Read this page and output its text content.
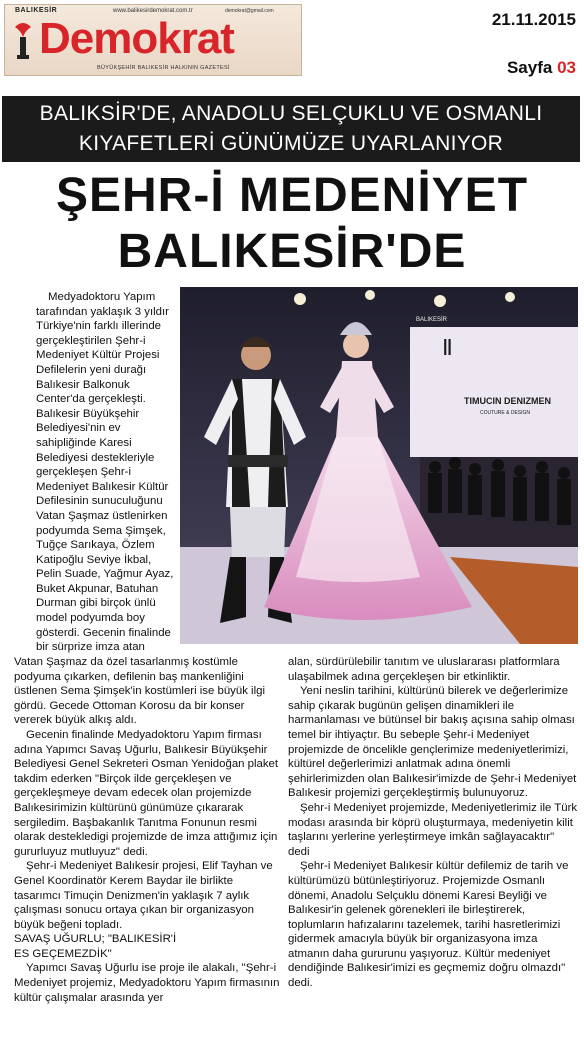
BALIKESİR	www.balikesirdemokrat.com.tr	demokrat@gmail.com
Demokrat
BÜYÜKŞEHİR BALIKESİR HALKININ GAZETESİ
21.11.2015
Sayfa 03
BALIKSİR'DE, ANADOLU SELÇUKLU VE OSMANLI
KIYAFETLERİ GÜNÜMÜZE UYARLANIYOR
ŞEHR-İ MEDENİYET
BALIKESİR'DE
Ⅱ
TIMUCIN DENIZMEN
COUTURE & DESIGN
BALIKESİR

Medyadoktoru Yapım tarafından yaklaşık 3 yıldır Türkiye'nin farklı illerinde gerçekleştirilen Şehr-i Medeniyet Kültür Projesi Defilelerin yeni durağı Balıkesir Balkonuk Center'da gerçekleşti. Balıkesir Büyükşehir Belediyesi'nin ev sahipliğinde Karesi Belediyesi destekleriyle gerçekleşen Şehr-i Medeniyet Balıkesir Kültür Defilesinin sunuculuğunu Vatan Şaşmaz üstlenirken podyumda Sema Şimşek, Tuğçe Sarıkaya, Özlem Katipoğlu Seviye İkbal, Pelin Suade, Yağmur Ayaz, Buket Akpunar, Batuhan Durman gibi birçok ünlü model podyumda boy gösterdi. Gecenin finalinde bir sürprize imza atan

Vatan Şaşmaz da özel tasarlanmış kostümle podyuma çıkarken, defilenin baş mankenliğini üstlenen Sema Şimşek'in kostümleri ise büyük ilgi gördü. Gecede Ottoman Korosu da bir konser vererek büyük alkış aldı.

Gecenin finalinde Medyadoktoru Yapım firması adına Yapımcı Savaş Uğurlu, Balıkesir Büyükşehir Belediyesi Genel Sekreteri Osman Yenidoğan plaket takdim ederken "Birçok ilde gerçekleşen ve gerçekleşmeye devam edecek olan projemizde Balıkesirimizin kültürünü günümüze çıkararak sergiledim. Başbakanlık Tanıtma Fonunun resmi olarak destekledigi projemizde de imza attığımız için gururluyuz mutluyuz" dedi.

Şehr-i Medeniyet Balıkesir projesi, Elif Tayhan ve Genel Koordinatör Kerem Baydar ile birlikte tasarımcı Timuçin Denizmen'in yaklaşık 7 aylık çalışması sonucu ortaya çıkan bir organizasyon büyük beğeni topladı.

SAVAŞ UĞURLU; "BALIKESİR'İ
ES GEÇEMEZDİK"

Yapımcı Savaş Uğurlu ise proje ile alakalı, "Şehr-i Medeniyet projemiz, Medyadoktoru Yapım firmasının kültür çalışmalar arasında yer

alan, sürdürülebilir tanıtım ve uluslararası platformlara ulaşabilmek adına gerçekleşen bir etkinliktir.

Yeni neslin tarihini, kültürünü bilerek ve değerlerimize sahip çıkarak bugünün gelişen dinamikleri ile harmanlaması ve bütünsel bir bakış açısına sahip olması temel bir ihtiyaçtır. Bu sebeple Şehr-i Medeniyet projemizde de öncelikle gençlerimize medeniyetlerimizi, kültürel değerlerimizi anlatmak adına önemli şehirlerimizden olan Balıkesir'imizde de Şehr-i Medeniyet Balıkesir projemizi gerçekleştirmiş bulunuyoruz.

Şehr-i Medeniyet projemizde, Medeniyetlerimiz ile Türk modası arasında bir köprü oluşturmaya, medeniyetin kilit taşlarını yerlerine yerleştirmeye imkân sağlayacaktır" dedi

Şehr-i Medeniyet Balıkesir kültür defilemiz de tarih ve kültürümüzü bütünleştiriyoruz. Projemizde Osmanlı dönemi, Anadolu Selçuklu dönemi Karesi Beyliği ve Balıkesir'in gelenek görenekleri ile birleştirerek, toplumların hafızalarını tazelemek, tarihi hasretlerimizi gidermek amacıyla büyük bir organizasyona imza atmanın daha gururunu yaşıyoruz. Kültür medeniyet dendiğinde Balıkesir'imizi es geçmemiz doğru olmazdı" dedi.
